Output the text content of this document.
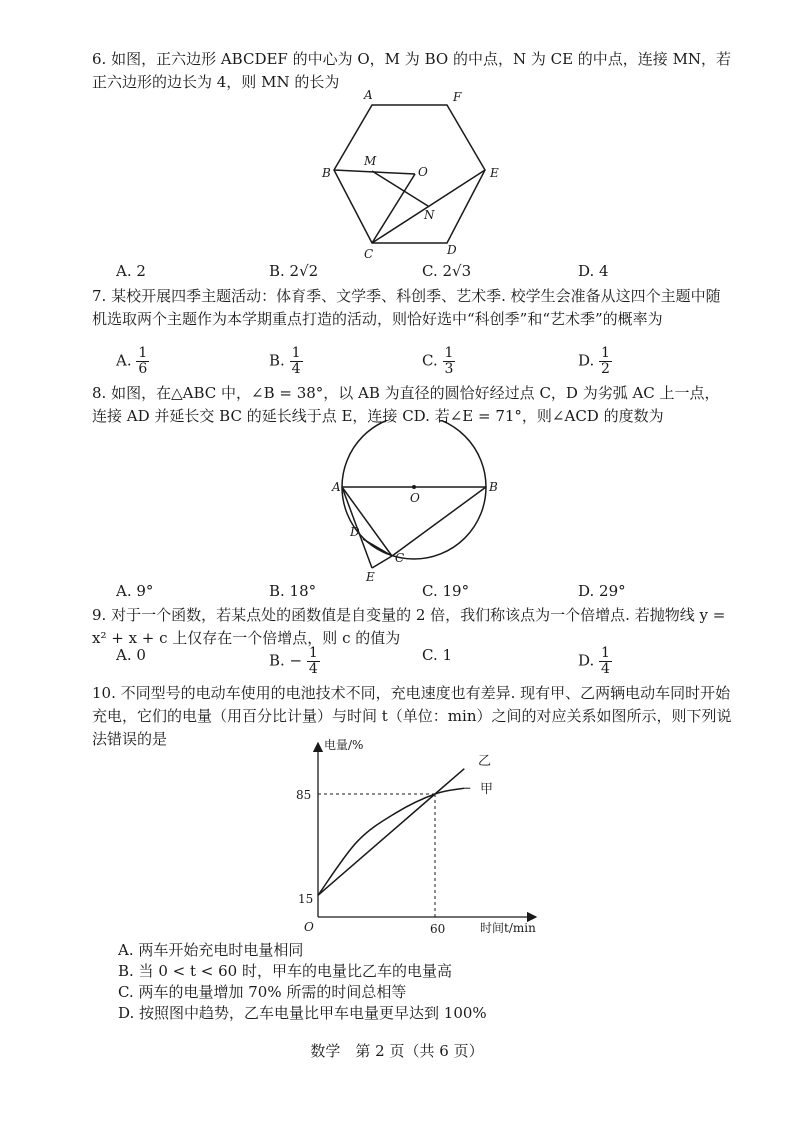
6. 如图，正六边形 ABCDEF 的中心为 O，M 为 BO 的中点，N 为 CE 的中点，连接 MN，若正六边形的边长为 4，则 MN 的长为

A	F
B	E
C	D
M
O
N
A. 2	B. 2√2	C. 2√3	D. 4

7. 某校开展四季主题活动：体育季、文学季、科创季、艺术季. 校学生会准备从这四个主题中随机选取两个主题作为本学期重点打造的活动，则恰好选中“科创季”和“艺术季”的概率为

A. $\frac{1}{6}$	B. $\frac{1}{4}$	C. $\frac{1}{3}$	D. $\frac{1}{2}$

8. 如图，在△ABC 中，∠B = 38°，以 AB 为直径的圆恰好经过点 C，D 为劣弧 AC 上一点，连接 AD 并延长交 BC 的延长线于点 E，连接 CD. 若∠E = 71°，则∠ACD 的度数为

A
O
B
D
C
E
A. 9°	B. 18°	C. 19°	D. 29°

9. 对于一个函数，若某点处的函数值是自变量的 2 倍，我们称该点为一个倍增点. 若抛物线 y = x² + x + c 上仅存在一个倍增点，则 c 的值为

A. 0	B. − $\frac{1}{4}$	C. 1	D. $\frac{1}{4}$

10. 不同型号的电动车使用的电池技术不同，充电速度也有差异. 现有甲、乙两辆电动车同时开始充电，它们的电量（用百分比计量）与时间 t（单位：min）之间的对应关系如图所示，则下列说法错误的是	电量/%
时间t/min
O
85
15
60
乙
甲
A. 两车开始充电时电量相同
B. 当 0 < t < 60 时，甲车的电量比乙车的电量高
C. 两车的电量增加 70% 所需的时间总相等
D. 按照图中趋势，乙车电量比甲车电量更早达到 100%
数学　第 2 页（共 6 页）
